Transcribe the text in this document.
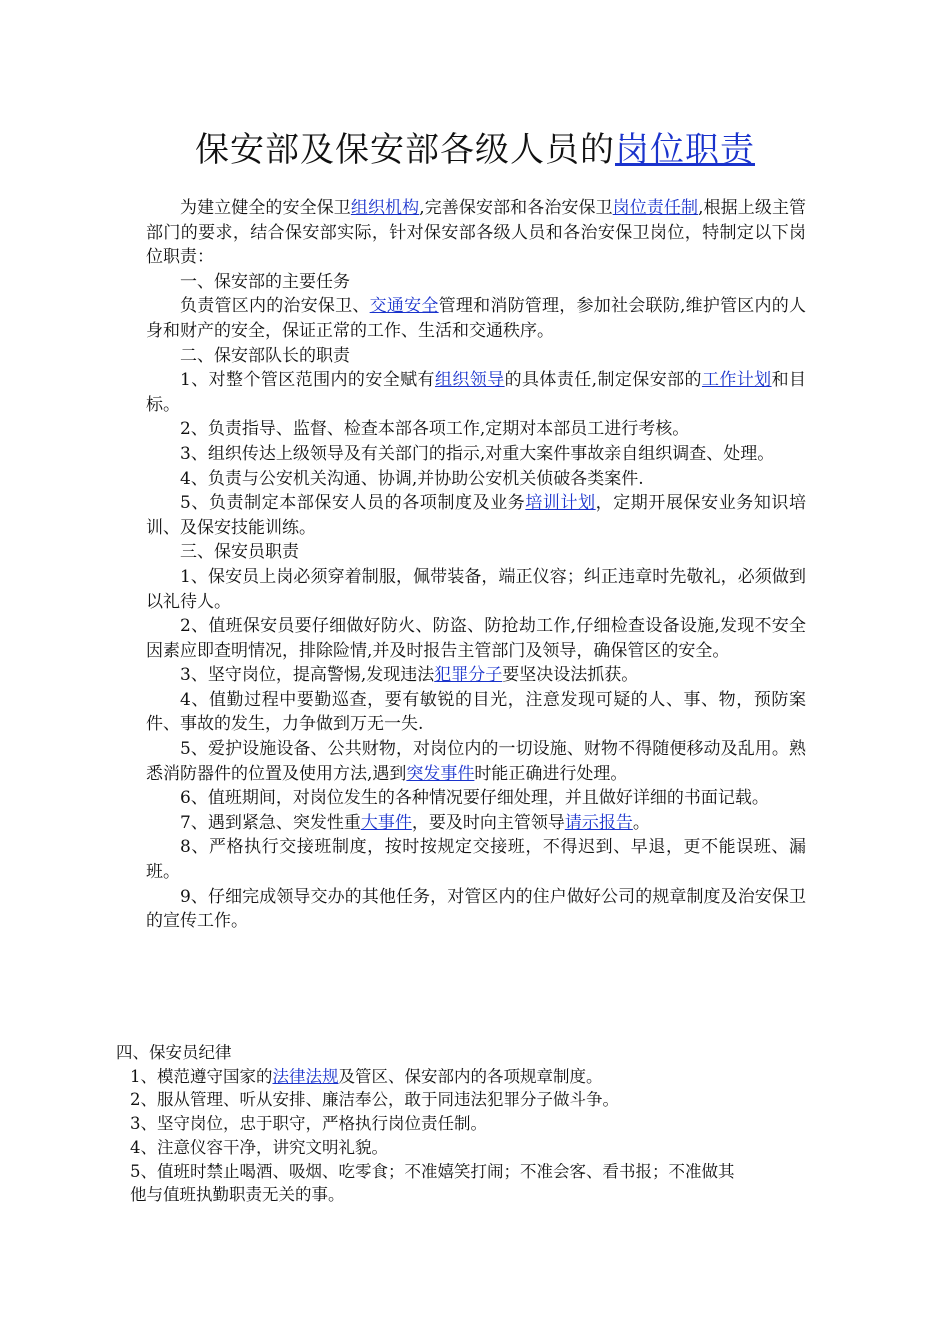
保安部及保安部各级人员的岗位职责

为建立健全的安全保卫组织机构,完善保安部和各治安保卫岗位责任制,根据上级主管部门的要求，结合保安部实际，针对保安部各级人员和各治安保卫岗位，特制定以下岗位职责：

一、保安部的主要任务

负责管区内的治安保卫、交通安全管理和消防管理，参加社会联防,维护管区内的人身和财产的安全，保证正常的工作、生活和交通秩序。

二、保安部队长的职责

1、对整个管区范围内的安全赋有组织领导的具体责任,制定保安部的工作计划和目标。

2、负责指导、监督、检查本部各项工作,定期对本部员工进行考核。

3、组织传达上级领导及有关部门的指示,对重大案件事故亲自组织调查、处理。

4、负责与公安机关沟通、协调,并协助公安机关侦破各类案件.

5、负责制定本部保安人员的各项制度及业务培训计划，定期开展保安业务知识培训、及保安技能训练。

三、保安员职责

1、保安员上岗必须穿着制服，佩带装备，端正仪容；纠正违章时先敬礼，必须做到以礼待人。

2、值班保安员要仔细做好防火、防盗、防抢劫工作,仔细检查设备设施,发现不安全因素应即查明情况，排除险情,并及时报告主管部门及领导，确保管区的安全。

3、坚守岗位，提高警惕,发现违法犯罪分子要坚决设法抓获。

4、值勤过程中要勤巡查，要有敏锐的目光，注意发现可疑的人、事、物，预防案件、事故的发生，力争做到万无一失.

5、爱护设施设备、公共财物，对岗位内的一切设施、财物不得随便移动及乱用。熟悉消防器件的位置及使用方法,遇到突发事件时能正确进行处理。

6、值班期间，对岗位发生的各种情况要仔细处理，并且做好详细的书面记载。

7、遇到紧急、突发性重大事件，要及时向主管领导请示报告。

8、严格执行交接班制度，按时按规定交接班，不得迟到、早退，更不能误班、漏班。

9、仔细完成领导交办的其他任务，对管区内的住户做好公司的规章制度及治安保卫的宣传工作。

四、保安员纪律

1、模范遵守国家的法律法规及管区、保安部内的各项规章制度。

2、服从管理、听从安排、廉洁奉公，敢于同违法犯罪分子做斗争。

3、坚守岗位，忠于职守，严格执行岗位责任制。

4、注意仪容干净，讲究文明礼貌。

5、值班时禁止喝酒、吸烟、吃零食；不准嬉笑打闹；不准会客、看书报；不准做其

他与值班执勤职责无关的事。
